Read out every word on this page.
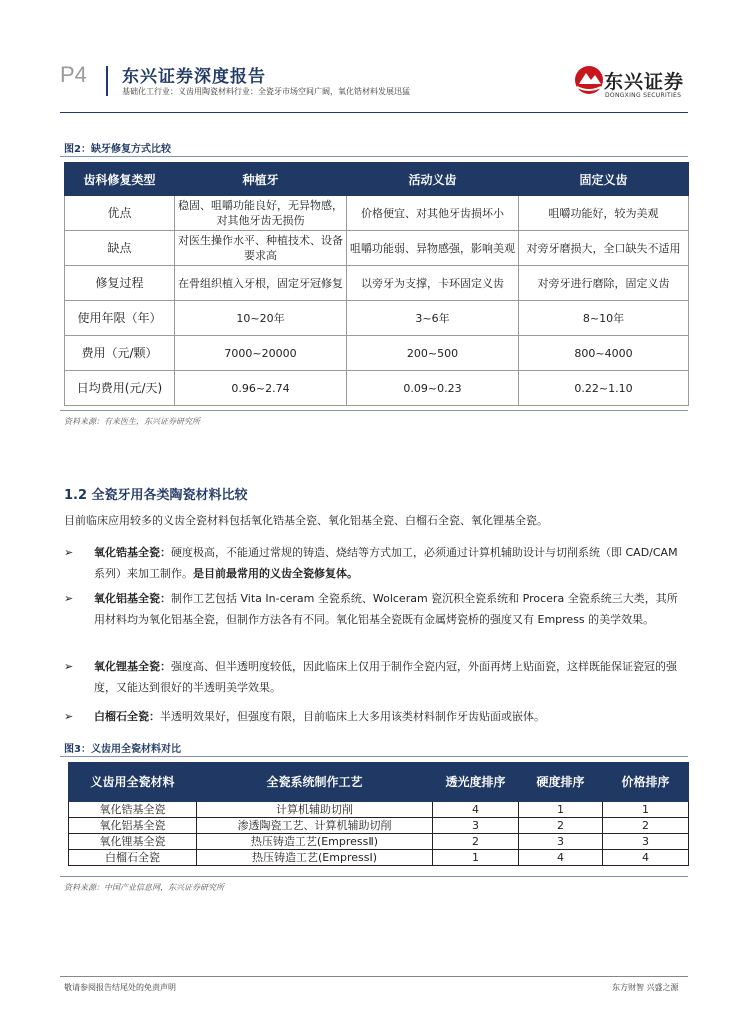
P4 东兴证券深度报告
基础化工行业：义齿用陶瓷材料行业：全瓷牙市场空间广阔，氧化锆材料发展迅猛	东兴证券
DONGXING SECURITIES
图2：缺牙修复方式比较
齿科修复类型	种植牙	活动义齿	固定义齿
优点	稳固、咀嚼功能良好，无异物感，对其他牙齿无损伤	价格便宜、对其他牙齿损坏小	咀嚼功能好，较为美观
缺点	对医生操作水平、种植技术、设备要求高	咀嚼功能弱、异物感强，影响美观	对旁牙磨损大，全口缺失不适用
修复过程	在骨组织植入牙根，固定牙冠修复	以旁牙为支撑，卡环固定义齿	对旁牙进行磨除，固定义齿
使用年限（年）	10~20年	3~6年	8~10年
费用（元/颗）	7000~20000	200~500	800~4000
日均费用(元/天)	0.96~2.74	0.09~0.23	0.22~1.10
资料来源：有来医生，东兴证券研究所
1.2 全瓷牙用各类陶瓷材料比较
目前临床应用较多的义齿全瓷材料包括氧化锆基全瓷、氧化铝基全瓷、白榴石全瓷、氧化锂基全瓷。
➢ 氧化锆基全瓷：硬度极高，不能通过常规的铸造、烧结等方式加工，必须通过计算机辅助设计与切削系统（即 CAD/CAM 系列）来加工制作。是目前最常用的义齿全瓷修复体。
➢ 氧化铝基全瓷：制作工艺包括 Vita In-ceram 全瓷系统、Wolceram 瓷沉积全瓷系统和 Procera 全瓷系统三大类，其所用材料均为氧化铝基全瓷，但制作方法各有不同。氧化铝基全瓷既有金属烤瓷桥的强度又有 Empress 的美学效果。
➢ 氧化锂基全瓷：强度高、但半透明度较低，因此临床上仅用于制作全瓷内冠，外面再烤上贴面瓷，这样既能保证瓷冠的强度，又能达到很好的半透明美学效果。
➢ 白榴石全瓷：半透明效果好，但强度有限，目前临床上大多用该类材料制作牙齿贴面或嵌体。
图3：义齿用全瓷材料对比
义齿用全瓷材料	全瓷系统制作工艺	透光度排序	硬度排序	价格排序
氧化锆基全瓷	计算机辅助切削	4	1	1
氧化铝基全瓷	渗透陶瓷工艺、计算机辅助切削	3	2	2
氧化锂基全瓷	热压铸造工艺(EmpressⅡ)	2	3	3
白榴石全瓷	热压铸造工艺(EmpressⅠ)	1	4	4
资料来源：中国产业信息网，东兴证券研究所
敬请参阅报告结尾处的免责声明	东方财智 兴盛之源
